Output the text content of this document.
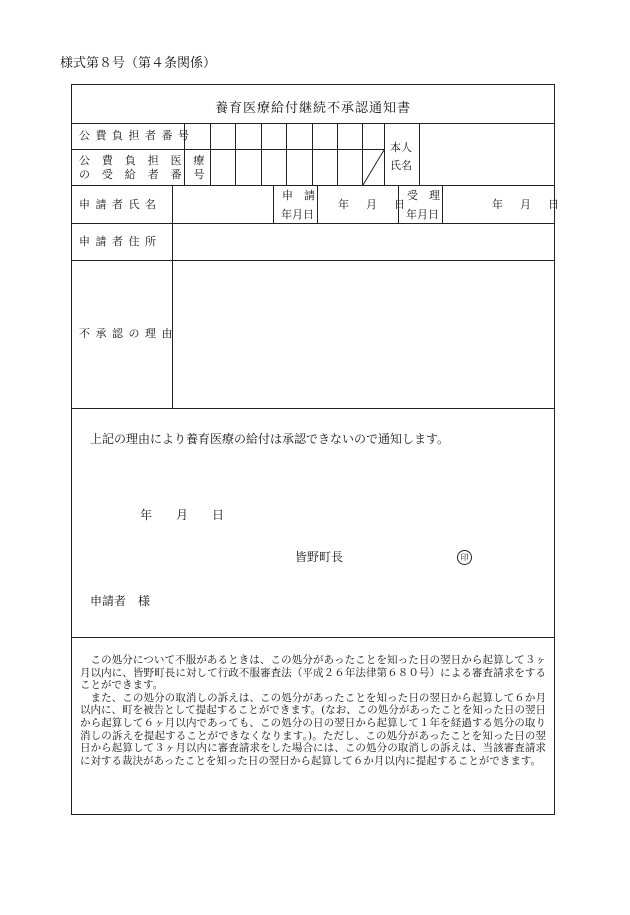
様式第８号（第４条関係）
養育医療給付継続不承認通知書
公費負担者番号
公 費 負 担 医 療
の 受 給 者 番 号
本人
氏名
申請者氏名
申　請
年月日
年　月　日
受　理
年月日
年　月　日
申請者住所
不承認の理由
上記の理由により養育医療の給付は承認できないので通知します。
年　　月　　日
皆野町長	印
申請者　様

この処分について不服があるときは、この処分があったことを知った日の翌日から起算して３ヶ月以内に、皆野町長に対して行政不服審査法（平成２６年法律第６８０号）による審査請求をすることができます。

また、この処分の取消しの訴えは、この処分があったことを知った日の翌日から起算して６か月以内に、町を被告として提起することができます。(なお、この処分があったことを知った日の翌日から起算して６ヶ月以内であっても、この処分の日の翌日から起算して１年を経過する処分の取り消しの訴えを提起することができなくなります。)。ただし、この処分があったことを知った日の翌日から起算して３ヶ月以内に審査請求をした場合には、この処分の取消しの訴えは、当該審査請求に対する裁決があったことを知った日の翌日から起算して６か月以内に提起することができます。
